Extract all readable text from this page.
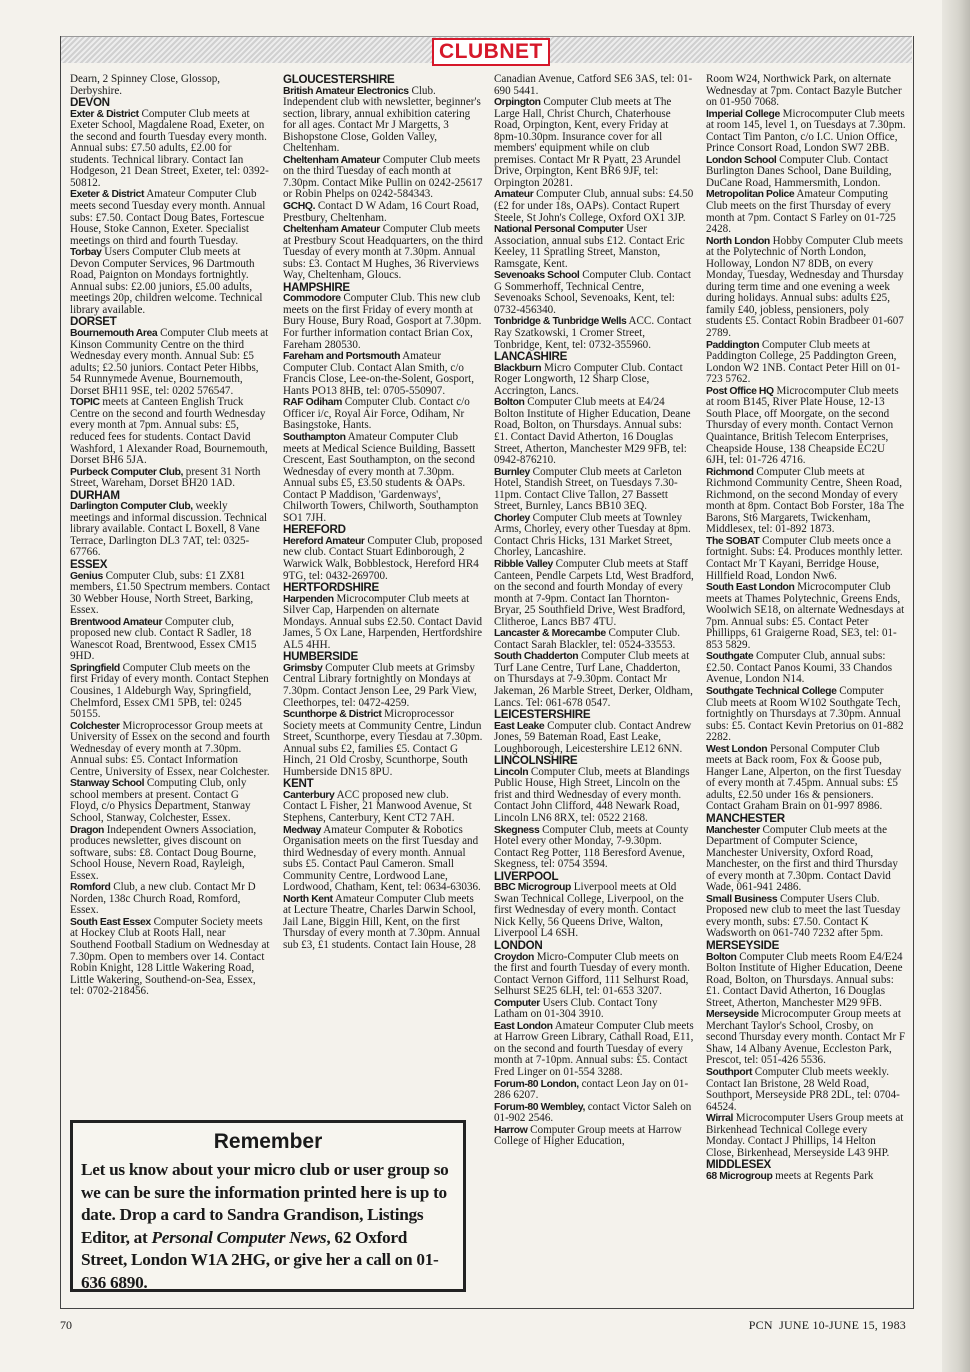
CLUBNET

Dearn, 2 Spinney Close, Glossop, Derbyshire.

DEVON

Exter & District Computer Club meets at Exeter School, Magdalene Road, Exeter, on the second and fourth Tuesday every month. Annual subs: £7.50 adults, £2.00 for students. Technical library. Contact Ian Hodgeson, 21 Dean Street, Exeter, tel: 0392-50812.

Exeter & District Amateur Computer Club meets second Tuesday every month. Annual subs: £7.50. Contact Doug Bates, Fortescue House, Stoke Cannon, Exeter. Specialist meetings on third and fourth Tuesday.

Torbay Users Computer Club meets at Devon Computer Services, 96 Dartmouth Road, Paignton on Mondays fortnightly. Annual subs: £2.00 juniors, £5.00 adults, meetings 20p, children welcome. Technical library available.

DORSET

Bournemouth Area Computer Club meets at Kinson Community Centre on the third Wednesday every month. Annual Sub: £5 adults; £2.50 juniors. Contact Peter Hibbs, 54 Runnymede Avenue, Bournemouth, Dorset BH11 9SE, tel: 0202 576547.

TOPIC meets at Canteen English Truck Centre on the second and fourth Wednesday every month at 7pm. Annual subs: £5, reduced fees for students. Contact David Washford, 1 Alexander Road, Bournemouth, Dorset BH6 5JA.

Purbeck Computer Club, present 31 North Street, Wareham, Dorset BH20 1AD.

DURHAM

Darlington Computer Club, weekly meetings and informal discussion. Technical library available. Contact L Boxell, 8 Vane Terrace, Darlington DL3 7AT, tel: 0325-67766.

ESSEX

Genius Computer Club, subs: £1 ZX81 members, £1.50 Spectrum members. Contact 30 Webber House, North Street, Barking, Essex.

Brentwood Amateur Computer club, proposed new club. Contact R Sadler, 18 Wanescot Road, Brentwood, Essex CM15 9HD.

Springfield Computer Club meets on the first Friday of every month. Contact Stephen Cousines, 1 Aldeburgh Way, Springfield, Chelmford, Essex CM1 5PB, tel: 0245 50155.

Colchester Microprocessor Group meets at University of Essex on the second and fourth Wednesday of every month at 7.30pm. Annual subs: £5. Contact Information Centre, University of Essex, near Colchester.

Stanway School Computing Club, only school members at present. Contact G Floyd, c/o Physics Department, Stanway School, Stanway, Colchester, Essex.

Dragon Independent Owners Association, produces newsletter, gives discount on software, subs: £8. Contact Doug Bourne, School House, Nevern Road, Rayleigh, Essex.

Romford Club, a new club. Contact Mr D Norden, 138c Church Road, Romford, Essex.

South East Essex Computer Society meets at Hockey Club at Roots Hall, near Southend Football Stadium on Wednesday at 7.30pm. Open to members over 14. Contact Robin Knight, 128 Little Wakering Road, Little Wakering, Southend-on-Sea, Essex, tel: 0702-218456.

GLOUCESTERSHIRE

British Amateur Electronics Club. Independent club with newsletter, beginner's section, library, annual exhibition catering for all ages. Contact Mr J Margetts, 3 Bishopstone Close, Golden Valley, Cheltenham.

Cheltenham Amateur Computer Club meets on the third Tuesday of each month at 7.30pm. Contact Mike Pullin on 0242-25617 or Robin Phelps on 0242-584343.

GCHQ. Contact D W Adam, 16 Court Road, Prestbury, Cheltenham.

Cheltenham Amateur Computer Club meets at Prestbury Scout Headquarters, on the third Tuesday of every month at 7.30pm. Annual subs: £3. Contact M Hughes, 36 Riverviews Way, Cheltenham, Gloucs.

HAMPSHIRE

Commodore Computer Club. This new club meets on the first Friday of every month at Bury House, Bury Road, Gosport at 7.30pm. For further information contact Brian Cox, Fareham 280530.

Fareham and Portsmouth Amateur Computer Club. Contact Alan Smith, c/o Francis Close, Lee-on-the-Solent, Gosport, Hants PO13 8HB, tel: 0705-550907.

RAF Odiham Computer Club. Contact c/o Officer i/c, Royal Air Force, Odiham, Nr Basingstoke, Hants.

Southampton Amateur Computer Club meets at Medical Science Building, Bassett Crescent, East Southampton, on the second Wednesday of every month at 7.30pm. Annual subs £5, £3.50 students & OAPs. Contact P Maddison, 'Gardenways', Chilworth Towers, Chilworth, Southampton SO1 7JH.

HEREFORD

Hereford Amateur Computer Club, proposed new club. Contact Stuart Edinborough, 2 Warwick Walk, Bobblestock, Hereford HR4 9TG, tel: 0432-269700.

HERTFORDSHIRE

Harpenden Microcomputer Club meets at Silver Cap, Harpenden on alternate Mondays. Annual subs £2.50. Contact David James, 5 Ox Lane, Harpenden, Hertfordshire AL5 4HH.

HUMBERSIDE

Grimsby Computer Club meets at Grimsby Central Library fortnightly on Mondays at 7.30pm. Contact Jenson Lee, 29 Park View, Cleethorpes, tel: 0472-4259.

Scunthorpe & District Microprocessor Society meets at Community Centre, Lindun Street, Scunthorpe, every Tiesdau at 7.30pm. Annual subs £2, families £5. Contact G Hinch, 21 Old Crosby, Scunthorpe, South Humberside DN15 8PU.

KENT

Canterbury ACC proposed new club. Contact L Fisher, 21 Manwood Avenue, St Stephens, Canterbury, Kent CT2 7AH.

Medway Amateur Computer & Robotics Organisation meets on the first Tuesday and third Wednesday of every month. Annual subs £5. Contact Paul Cameron. Small Community Centre, Lordwood Lane, Lordwood, Chatham, Kent, tel: 0634-63036.

North Kent Amateur Computer Club meets at Lecture Theatre, Charles Darwin School, Jail Lane, Biggin Hill, Kent, on the first Thursday of every month at 7.30pm. Annual sub £3, £1 students. Contact Iain House, 28

Canadian Avenue, Catford SE6 3AS, tel: 01-690 5441.

Orpington Computer Club meets at The Large Hall, Christ Church, Chaterhouse Road, Orpington, Kent, every Friday at 8pm-10.30pm. Insurance cover for all members' equipment while on club premises. Contact Mr R Pyatt, 23 Arundel Drive, Orpington, Kent BR6 9JF, tel: Orpington 20281.

Amateur Computer Club, annual subs: £4.50 (£2 for under 18s, OAPs). Contact Rupert Steele, St John's College, Oxford OX1 3JP.

National Personal Computer User Association, annual subs £12. Contact Eric Keeley, 11 Spratling Street, Manston, Ramsgate, Kent.

Sevenoaks School Computer Club. Contact G Sommerhoff, Technical Centre, Sevenoaks School, Sevenoaks, Kent, tel: 0732-456340.

Tonbridge & Tunbridge Wells ACC. Contact Ray Szatkowski, 1 Cromer Street, Tonbridge, Kent, tel: 0732-355960.

LANCASHIRE

Blackburn Micro Computer Club. Contact Roger Longworth, 12 Sharp Close, Accrington, Lancs.

Bolton Computer Club meets at E4/24 Bolton Institute of Higher Education, Deane Road, Bolton, on Thursdays. Annual subs: £1. Contact David Atherton, 16 Douglas Street, Atherton, Manchester M29 9FB, tel: 0942-876210.

Burnley Computer Club meets at Carleton Hotel, Standish Street, on Tuesdays 7.30-11pm. Contact Clive Tallon, 27 Bassett Street, Burnley, Lancs BB10 3EQ.

Chorley Computer Club meets at Townley Arms, Chorley, every other Tuesday at 8pm. Contact Chris Hicks, 131 Market Street, Chorley, Lancashire.

Ribble Valley Computer Club meets at Staff Canteen, Pendle Carpets Ltd, West Bradford, on the second and fourth Monday of every month at 7-9pm. Contact Ian Thornton-Bryar, 25 Southfield Drive, West Bradford, Clitheroe, Lancs BB7 4TU.

Lancaster & Morecambe Computer Club. Contact Sarah Blackler, tel: 0524-33553.

South Chadderton Computer Club meets at Turf Lane Centre, Turf Lane, Chadderton, on Thursdays at 7-9.30pm. Contact Mr Jakeman, 26 Marble Street, Derker, Oldham, Lancs. Tel: 061-678 0547.

LEICESTERSHIRE

East Leake Computer club. Contact Andrew Jones, 59 Bateman Road, East Leake, Loughborough, Leicestershire LE12 6NN.

LINCOLNSHIRE

Lincoln Computer Club, meets at Blandings Public House, High Street, Lincoln on the frist and third Wednesday of every month. Contact John Clifford, 448 Newark Road, Lincoln LN6 8RX, tel: 0522 2168.

Skegness Computer Club, meets at County Hotel every other Monday, 7-9.30pm. Contact Reg Potter, 118 Beresford Avenue, Skegness, tel: 0754 3594.

LIVERPOOL

BBC Microgroup Liverpool meets at Old Swan Technical College, Liverpool, on the first Wednesday of every month. Contact Nick Kelly, 56 Queens Drive, Walton, Liverpool L4 6SH.

LONDON

Croydon Micro-Computer Club meets on the first and fourth Tuesday of every month. Contact Vernon Gifford, 111 Selhurst Road, Selhurst SE25 6LH, tel: 01-653 3207.

Computer Users Club. Contact Tony Latham on 01-304 3910.

East London Amateur Computer Club meets at Harrow Green Library, Cathall Road, E11, on the second and fourth Tuesday of every month at 7-10pm. Annual subs: £5. Contact Fred Linger on 01-554 3288.

Forum-80 London, contact Leon Jay on 01-286 6207.

Forum-80 Wembley, contact Victor Saleh on 01-902 2546.

Harrow Computer Group meets at Harrow College of Higher Education,

Room W24, Northwick Park, on alternate Wednesday at 7pm. Contact Bazyle Butcher on 01-950 7068.

Imperial College Microcomputer Club meets at room 145, level 1, on Tuesdays at 7.30pm. Contact Tim Panton, c/o I.C. Union Office, Prince Consort Road, London SW7 2BB.

London School Computer Club. Contact Burlington Danes School, Dane Building, DuCane Road, Hammersmith, London.

Metropolitan Police Amateur Computing Club meets on the first Thursday of every month at 7pm. Contact S Farley on 01-725 2428.

North London Hobby Computer Club meets at the Polytechnic of North London, Holloway, London N7 8DB, on every Monday, Tuesday, Wednesday and Thursday during term time and one evening a week during holidays. Annual subs: adults £25, family £40, jobless, pensioners, poly students £5. Contact Robin Bradbeer 01-607 2789.

Paddington Computer Club meets at Paddington College, 25 Paddington Green, London W2 1NB. Contact Peter Hill on 01-723 5762.

Post Office HQ Microcomputer Club meets at room B145, River Plate House, 12-13 South Place, off Moorgate, on the second Thursday of every month. Contact Vernon Quaintance, British Telecom Enterprises, Cheapside House, 138 Cheapside EC2U 6JH, tel: 01-726 4716.

Richmond Computer Club meets at Richmond Community Centre, Sheen Road, Richmond, on the second Monday of every month at 8pm. Contact Bob Forster, 18a The Barons, St6 Margarets, Twickenham, Middlesex, tel: 01-892 1873.

The SOBAT Computer Club meets once a fortnight. Subs: £4. Produces monthly letter. Contact Mr T Kayani, Berridge House, Hillfield Road, London Nw6.

South East London Microcomputer Club meets at Thames Polytechnic, Greens Ends, Woolwich SE18, on alternate Wednesdays at 7pm. Annual subs: £5. Contact Peter Phillipps, 61 Graigerne Road, SE3, tel: 01-853 5829.

Southgate Computer Club, annual subs: £2.50. Contact Panos Koumi, 33 Chandos Avenue, London N14.

Southgate Technical College Computer Club meets at Room W102 Southgate Tech, fortnightly on Thursdays at 7.30pm. Annual subs: £5. Contact Kevin Pretorius on 01-882 2282.

West London Personal Computer Club meets at Back room, Fox & Goose pub, Hanger Lane, Alperton, on the first Tuesday of every month at 7.45pm. Annual subs: £5 adults, £2.50 under 16s & pensioners. Contact Graham Brain on 01-997 8986.

MANCHESTER

Manchester Computer Club meets at the Department of Computer Science, Manchester University, Oxford Road, Manchester, on the first and third Thursday of every month at 7.30pm. Contact David Wade, 061-941 2486.

Small Business Computer Users Club. Proposed new club to meet the last Tuesday every month, subs: £7.50. Contact K Wadsworth on 061-740 7232 after 5pm.

MERSEYSIDE

Bolton Computer Club meets Room E4/E24 Bolton Institute of Higher Education, Deene Road, Bolton, on Thursdays. Annual subs: £1. Contact David Atherton, 16 Douglas Street, Atherton, Manchester M29 9FB.

Merseyside Microcomputer Group meets at Merchant Taylor's School, Crosby, on second Thursday every month. Contact Mr F Shaw, 14 Albany Avenue, Eccleston Park, Prescot, tel: 051-426 5536.

Southport Computer Club meets weekly. Contact Ian Bristone, 28 Weld Road, Southport, Merseyside PR8 2DL, tel: 0704-64524.

Wirral Microcomputer Users Group meets at Birkenhead Technical College every Monday. Contact J Phillips, 14 Helton Close, Birkenhead, Merseyside L43 9HP.

MIDDLESEX

68 Microgroup meets at Regents Park

Remember
Let us know about your micro club or user group so we can be sure the information printed here is up to date. Drop a card to Sandra Grandison, Listings Editor, at Personal Computer News, 62 Oxford Street, London W1A 2HG, or give her a call on 01-636 6890.
70	PCN JUNE 10-JUNE 15, 1983
